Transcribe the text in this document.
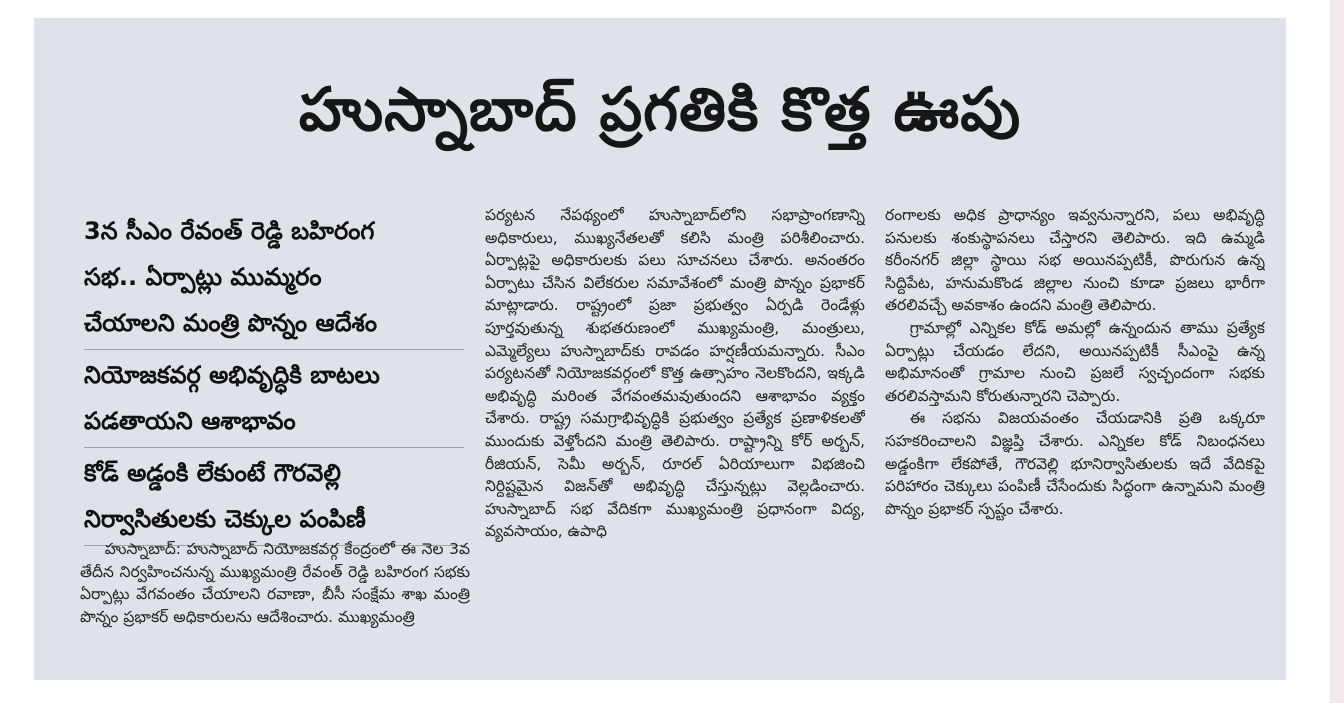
హుస్నాబాద్ ప్రగతికి కొత్త ఊపు
3న సీఎం రేవంత్ రెడ్డి బహిరంగ
సభ.. ఏర్పాట్లు ముమ్మరం
చేయాలని మంత్రి పొన్నం ఆదేశం
నియోజకవర్గ అభివృద్ధికి బాటలు
పడతాయని ఆశాభావం
కోడ్ అడ్డంకి లేకుంటే గౌరవెల్లి
నిర్వాసితులకు చెక్కుల పంపిణీ

హుస్నాబాద్: హుస్నాబాద్ నియోజకవర్గ కేంద్రంలో ఈ నెల 3వ తేదీన నిర్వహించనున్న ముఖ్యమంత్రి రేవంత్ రెడ్డి బహిరంగ సభకు ఏర్పాట్లు వేగవంతం చేయాలని రవాణా, బీసీ సంక్షేమ శాఖ మంత్రి పొన్నం ప్రభాకర్ అధికారులను ఆదేశించారు. ముఖ్యమంత్రి

పర్యటన నేపథ్యంలో హుస్నాబాద్‌లోని సభాప్రాంగణాన్ని అధికారులు, ముఖ్యనేతలతో కలిసి మంత్రి పరిశీలించారు. ఏర్పాట్లపై అధికారులకు పలు సూచనలు చేశారు. అనంతరం ఏర్పాటు చేసిన విలేకరుల సమావేశంలో మంత్రి పొన్నం ప్రభాకర్ మాట్లాడారు. రాష్ట్రంలో ప్రజా ప్రభుత్వం ఏర్పడి రెండేళ్లు పూర్తవుతున్న శుభతరుణంలో ముఖ్యమంత్రి, మంత్రులు, ఎమ్మెల్యేలు హుస్నాబాద్‌కు రావడం హర్షణీయమన్నారు. సీఎం పర్యటనతో నియోజకవర్గంలో కొత్త ఉత్సాహం నెలకొందని, ఇక్కడి అభివృద్ధి మరింత వేగవంతమవుతుందని ఆశాభావం వ్యక్తం చేశారు. రాష్ట్ర సమగ్రాభివృద్ధికి ప్రభుత్వం ప్రత్యేక ప్రణాళికలతో ముందుకు వెళ్తోందని మంత్రి తెలిపారు. రాష్ట్రాన్ని కోర్ అర్బన్, రీజియన్, సెమీ అర్బన్, రూరల్ ఏరియాలుగా విభజించి నిర్దిష్టమైన విజన్‌తో అభివృద్ధి చేస్తున్నట్లు వెల్లడించారు. హుస్నాబాద్ సభ వేదికగా ముఖ్యమంత్రి ప్రధానంగా విద్య, వ్యవసాయం, ఉపాధి

రంగాలకు అధిక ప్రాధాన్యం ఇవ్వనున్నారని, పలు అభివృద్ధి పనులకు శంకుస్థాపనలు చేస్తారని తెలిపారు. ఇది ఉమ్మడి కరీంనగర్ జిల్లా స్థాయి సభ అయినప్పటికీ, పొరుగున ఉన్న సిద్దిపేట, హనుమకొండ జిల్లాల నుంచి కూడా ప్రజలు భారీగా తరలివచ్చే అవకాశం ఉందని మంత్రి తెలిపారు.

గ్రామాల్లో ఎన్నికల కోడ్ అమల్లో ఉన్నందున తాము ప్రత్యేక ఏర్పాట్లు చేయడం లేదని, అయినప్పటికీ సీఎంపై ఉన్న అభిమానంతో గ్రామాల నుంచి ప్రజలే స్వచ్ఛందంగా సభకు తరలివస్తామని కోరుతున్నారని చెప్పారు.

ఈ సభను విజయవంతం చేయడానికి ప్రతి ఒక్కరూ సహకరించాలని విజ్ఞప్తి చేశారు. ఎన్నికల కోడ్ నిబంధనలు అడ్డంకిగా లేకపోతే, గౌరవెల్లి భూనిర్వాసితులకు ఇదే వేదికపై పరిహారం చెక్కులు పంపిణీ చేసేందుకు సిద్ధంగా ఉన్నామని మంత్రి పొన్నం ప్రభాకర్ స్పష్టం చేశారు.
